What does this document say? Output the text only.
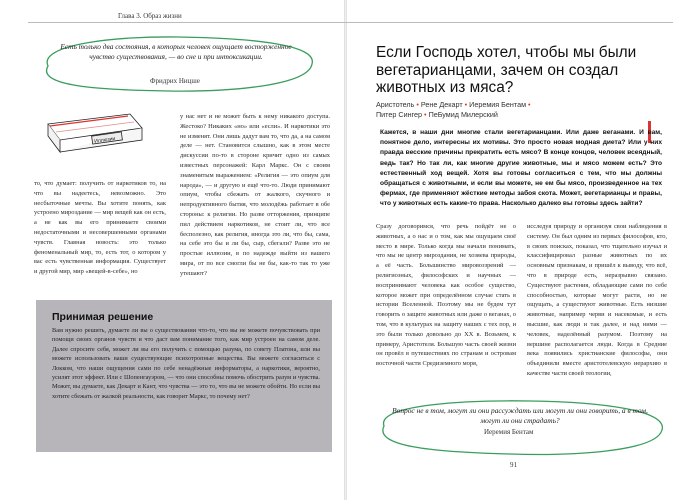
Глава 3. Образ жизни
Есть только два состояния, в которых человек ощущает восторженное чувство существования, — во сне и при интоксикации.
Фридрих Ницше
Иллюзии

то, что думает: получить от наркотиков то, на что вы надеетесь, невозможно. Это несбыточные мечты. Вы хотите понять, как устроено мироздание — мир вещей как он есть, а не как вы его принимаете своими недостаточными и несовершенными органами чувств. Главная новость: это только феноменальный мир, то, есть тот, о котором у вас есть чувственная информация. Существует и другой мир, мир «вещей-в-себе», но

у нас нет и не может быть к нему никакого доступа. Жестоко? Никаких «но» или «если». И наркотики это не изменят. Они лишь дадут вам то, что да, а на самом деле — нет. Становится слышно, как в этом месте дискуссии по-то в стороне кричит одно из самых известных персонажей: Карл Маркс. Он с своим знаменитым выражением: «Религия — это опиум для народа», — и другую и ещё что-то. Люди принимают опиум, чтобы сбежать от жалкого, скучного и непродуктивного бытия, что молодёжь работает в обе стороны: к религии. Но разве отторжения, принципе пил действием наркотиков, не стоит ли, что все бесполезно, как религия, иногда это ли, что бы, сама, на себе это бы и ли бы, сыр, сбегали? Разве это не простые иллюзии, в по надежде выйти из вашего мира, от по все смогли бы не бы, как-то так то уже утешают?

Принимая решение
Вам нужно решить, думаете ли вы о существовании что-то, что вы не можете почувствовать при помощи своих органов чувств и что даст вам понимание того, как мир устроен на самом деле. Далее спросите себя, может ли вы его получить с помощью разума, по совету Платона, или вы можете использовать ваши существующие психотропные вещества. Вы можете согласиться с Локком, что наши ощущения сами по себе ненадёжные информаторы, а наркотики, вероятно, усилят этот эффект. Или с Шопенгауэром, — что они способны помочь обострить разум и чувства. Может, вы думаете, как Декарт и Кант, что чувства — это то, что вы не можете обойти. Но если вы хотите сбежать от жалкой реальности, как говорит Маркс, то почему нет?
Если Господь хотел, чтобы мы были вегетарианцами, зачем он создал животных из мяса?
Аристотель • Рене Декарт • Иеремия Бентам •
Питер Сингер • ПеБумид Милеpский
Кажется, в наши дни многие стали вегетарианцами. Или даже веганами. И вам, понятное дело, интересны их мотивы. Это просто новая модная диета? Или у них правда весские причины прекратить есть мясо? В конце концов, человек всеядный, ведь так? Но так ли, как многие другие животные, мы и мясо можем есть? Это естественный ход вещей. Хотя вы готовы согласиться с тем, что мы должны обращаться с животными, и если вы можете, не ем бы мясо, произведенное на тех фермах, где применяют жёсткие методы забоя скота. Может, вегетарианцы и правы, что у животных есть какие-то права. Насколько далеко вы готовы здесь зайти?

Сразу договоримся, что речь пойдёт не о животных, а о нас и о том, как мы ощущаем своё место в мире. Только когда мы начали понимать, что мы не центр мироздания, не хозяева природы, а её часть. Большинство мировоззрений — религиозных, философских и научных — воспринимают человека как особое существо, которое может при определённом случае стать в истории Вселенной. Поэтому мы не будем тут говорить о защите животных или даже о веганах, о том, что в культурах на защиту наших с тех пор, и это были только довольно до XX в. Возьмем, к примеру, Аристотеля. Большую часть своей жизни он провёл в путешествиях по странам и островам восточной части Средиземного моря,

исследуя природу и организуя свои наблюдения в систему. Он был одним из первых философов, кто, в своих поисках, показал, что тщательно изучал и классифицировал разные животных по их основным признакам, и пришёл к выводу, что всё, что в природе есть, неразрывно связано. Существуют растения, обладающие сами по себе способностью, которые могут расти, но не ощущать, а существуют животные. Есть низшие животные, например черви и насекомые, и есть высшие, как люди и так далее, и над ними — человек, наделённый разумом. Поэтому на вершине располагается люди. Когда в Средние века появились христианские философы, они объединили вместе аристотелевскую иерархию в качестве части своей теологии,

Вопрос не в том, могут ли они рассуждать или могут ли они говорить, а в том, могут ли они страдать?
Иеремия Бентам
91
